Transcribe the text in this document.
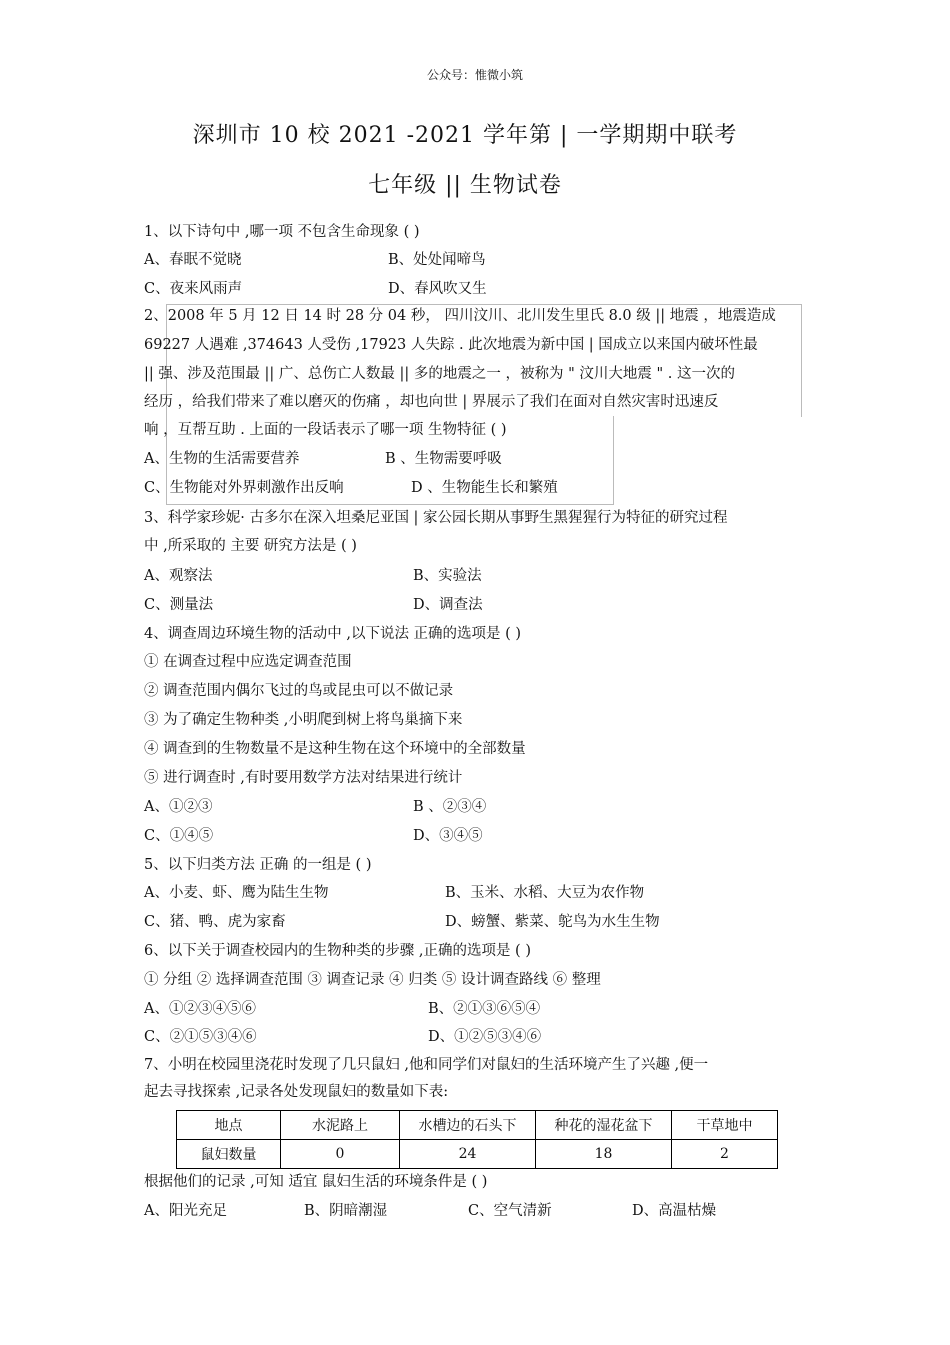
公众号：惟微小筑
深圳市 10 校 2021 -2021 学年第 | 一学期期中联考
七年级 || 生物试卷
1、以下诗句中 ,哪一项 不包含生命现象 ( )
A、春眠不觉晓	B、处处闻啼鸟
C、夜来风雨声	D、春风吹又生
2、2008 年 5 月 12 日 14 时 28 分 04 秒， 四川汶川、北川发生里氏 8.0 级 || 地震 ，地震造成
69227 人遇难 ,374643 人受伤 ,17923 人失踪 . 此次地震为新中国 | 国成立以来国内破坏性最
|| 强、涉及范围最 || 广、总伤亡人数最 || 多的地震之一 ，被称为 " 汶川大地震 " . 这一次的
经历 ，给我们带来了难以磨灭的伤痛 ，却也向世 | 界展示了我们在面对自然灾害时迅速反
响 ，互帮互助 . 上面的一段话表示了哪一项 生物特征 ( )
A、生物的生活需要营养	B 、生物需要呼吸
C、生物能对外界刺激作出反响	D 、生物能生长和繁殖
3、科学家珍妮· 古多尔在深入坦桑尼亚国 | 家公园长期从事野生黑猩猩行为特征的研究过程
中 ,所采取的 主要 研究方法是 ( )
A、观察法	B、实验法
C、测量法	D、调查法
4、调查周边环境生物的活动中 ,以下说法 正确的选项是 ( )
① 在调查过程中应选定调查范围
② 调查范围内偶尔飞过的鸟或昆虫可以不做记录
③ 为了确定生物种类 ,小明爬到树上将鸟巢摘下来
④ 调查到的生物数量不是这种生物在这个环境中的全部数量
⑤ 进行调查时 ,有时要用数学方法对结果进行统计
A、①②③	B 、②③④
C、①④⑤	D、③④⑤
5、以下归类方法 正确 的一组是 ( )
A、小麦、虾、鹰为陆生生物	B、玉米、水稻、大豆为农作物
C、猪、鸭、虎为家畜	D、螃蟹、紫菜、鸵鸟为水生生物
6、以下关于调查校园内的生物种类的步骤 ,正确的选项是 ( )
① 分组 ② 选择调查范围 ③ 调查记录 ④ 归类 ⑤ 设计调查路线 ⑥ 整理
A、①②③④⑤⑥	B、②①③⑥⑤④
C、②①⑤③④⑥	D、①②⑤③④⑥
7、小明在校园里浇花时发现了几只鼠妇 ,他和同学们对鼠妇的生活环境产生了兴趣 ,便一
起去寻找探索 ,记录各处发现鼠妇的数量如下表:
根据他们的记录 ,可知 适宜 鼠妇生活的环境条件是 ( )
A、阳光充足	B、阴暗潮湿	C、空气清新	D、高温枯燥
地点	水泥路上	水槽边的石头下	种花的湿花盆下	干草地中
鼠妇数量	0	24	18	2
